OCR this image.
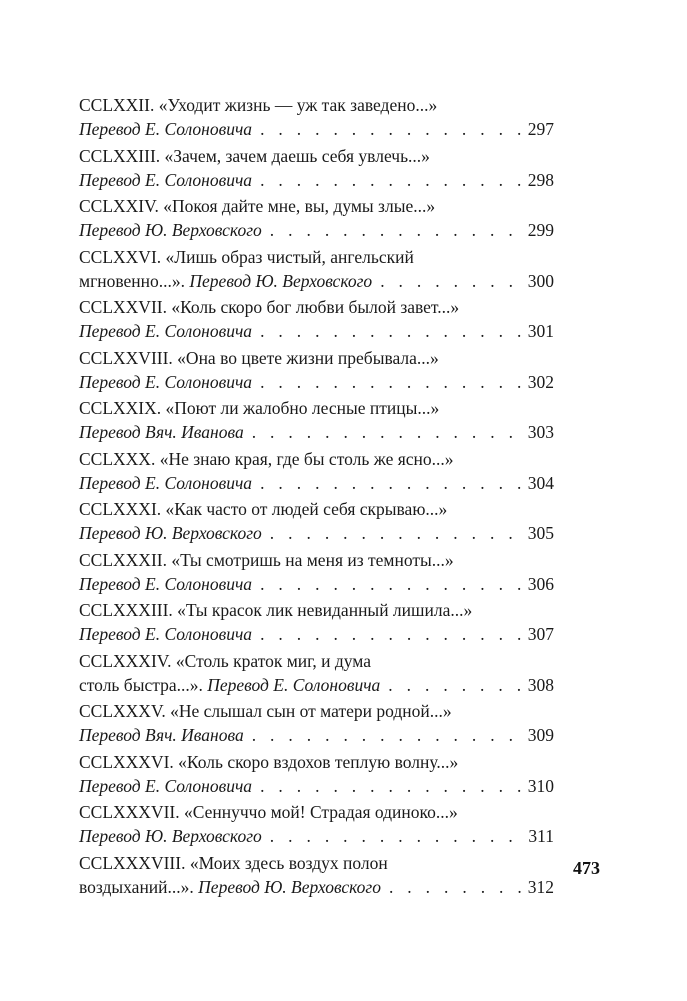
CCLXXII. «Уходит жизнь — уж так заведено...»
Перевод Е. Солоновича . . .	297
CCLXXIII. «Зачем, зачем даешь себя увлечь...»
Перевод Е. Солоновича . . .	298
CCLXXIV. «Покоя дайте мне, вы, думы злые...»
Перевод Ю. Верховского . . .	299
CCLXXVI. «Лишь образ чистый, ангельский
мгновенно...». Перевод Ю. Верховского . . .	300
CCLXXVII. «Коль скоро бог любви былой завет...»
Перевод Е. Солоновича . . .	301
CCLXXVIII. «Она во цвете жизни пребывала...»
Перевод Е. Солоновича . . .	302
CCLXXIX. «Поют ли жалобно лесные птицы...»
Перевод Вяч. Иванова . . .	303
CCLXXX. «Не знаю края, где бы столь же ясно...»
Перевод Е. Солоновича . . .	304
CCLXXXI. «Как часто от людей себя скрываю...»
Перевод Ю. Верховского . . .	305
CCLXXXII. «Ты смотришь на меня из темноты...»
Перевод Е. Солоновича . . .	306
CCLXXXIII. «Ты красок лик невиданный лишила...»
Перевод Е. Солоновича . . .	307
CCLXXXIV. «Столь краток миг, и дума
столь быстра...». Перевод Е. Солоновича . . .	308
CCLXXXV. «Не слышал сын от матери родной...»
Перевод Вяч. Иванова . . .	309
CCLXXXVI. «Коль скоро вздохов теплую волну...»
Перевод Е. Солоновича . . .	310
CCLXXXVII. «Сеннуччо мой! Страдая одиноко...»
Перевод Ю. Верховского . . .	311
CCLXXXVIII. «Моих здесь воздух полон
воздыханий...». Перевод Ю. Верховского . . .	312
473
